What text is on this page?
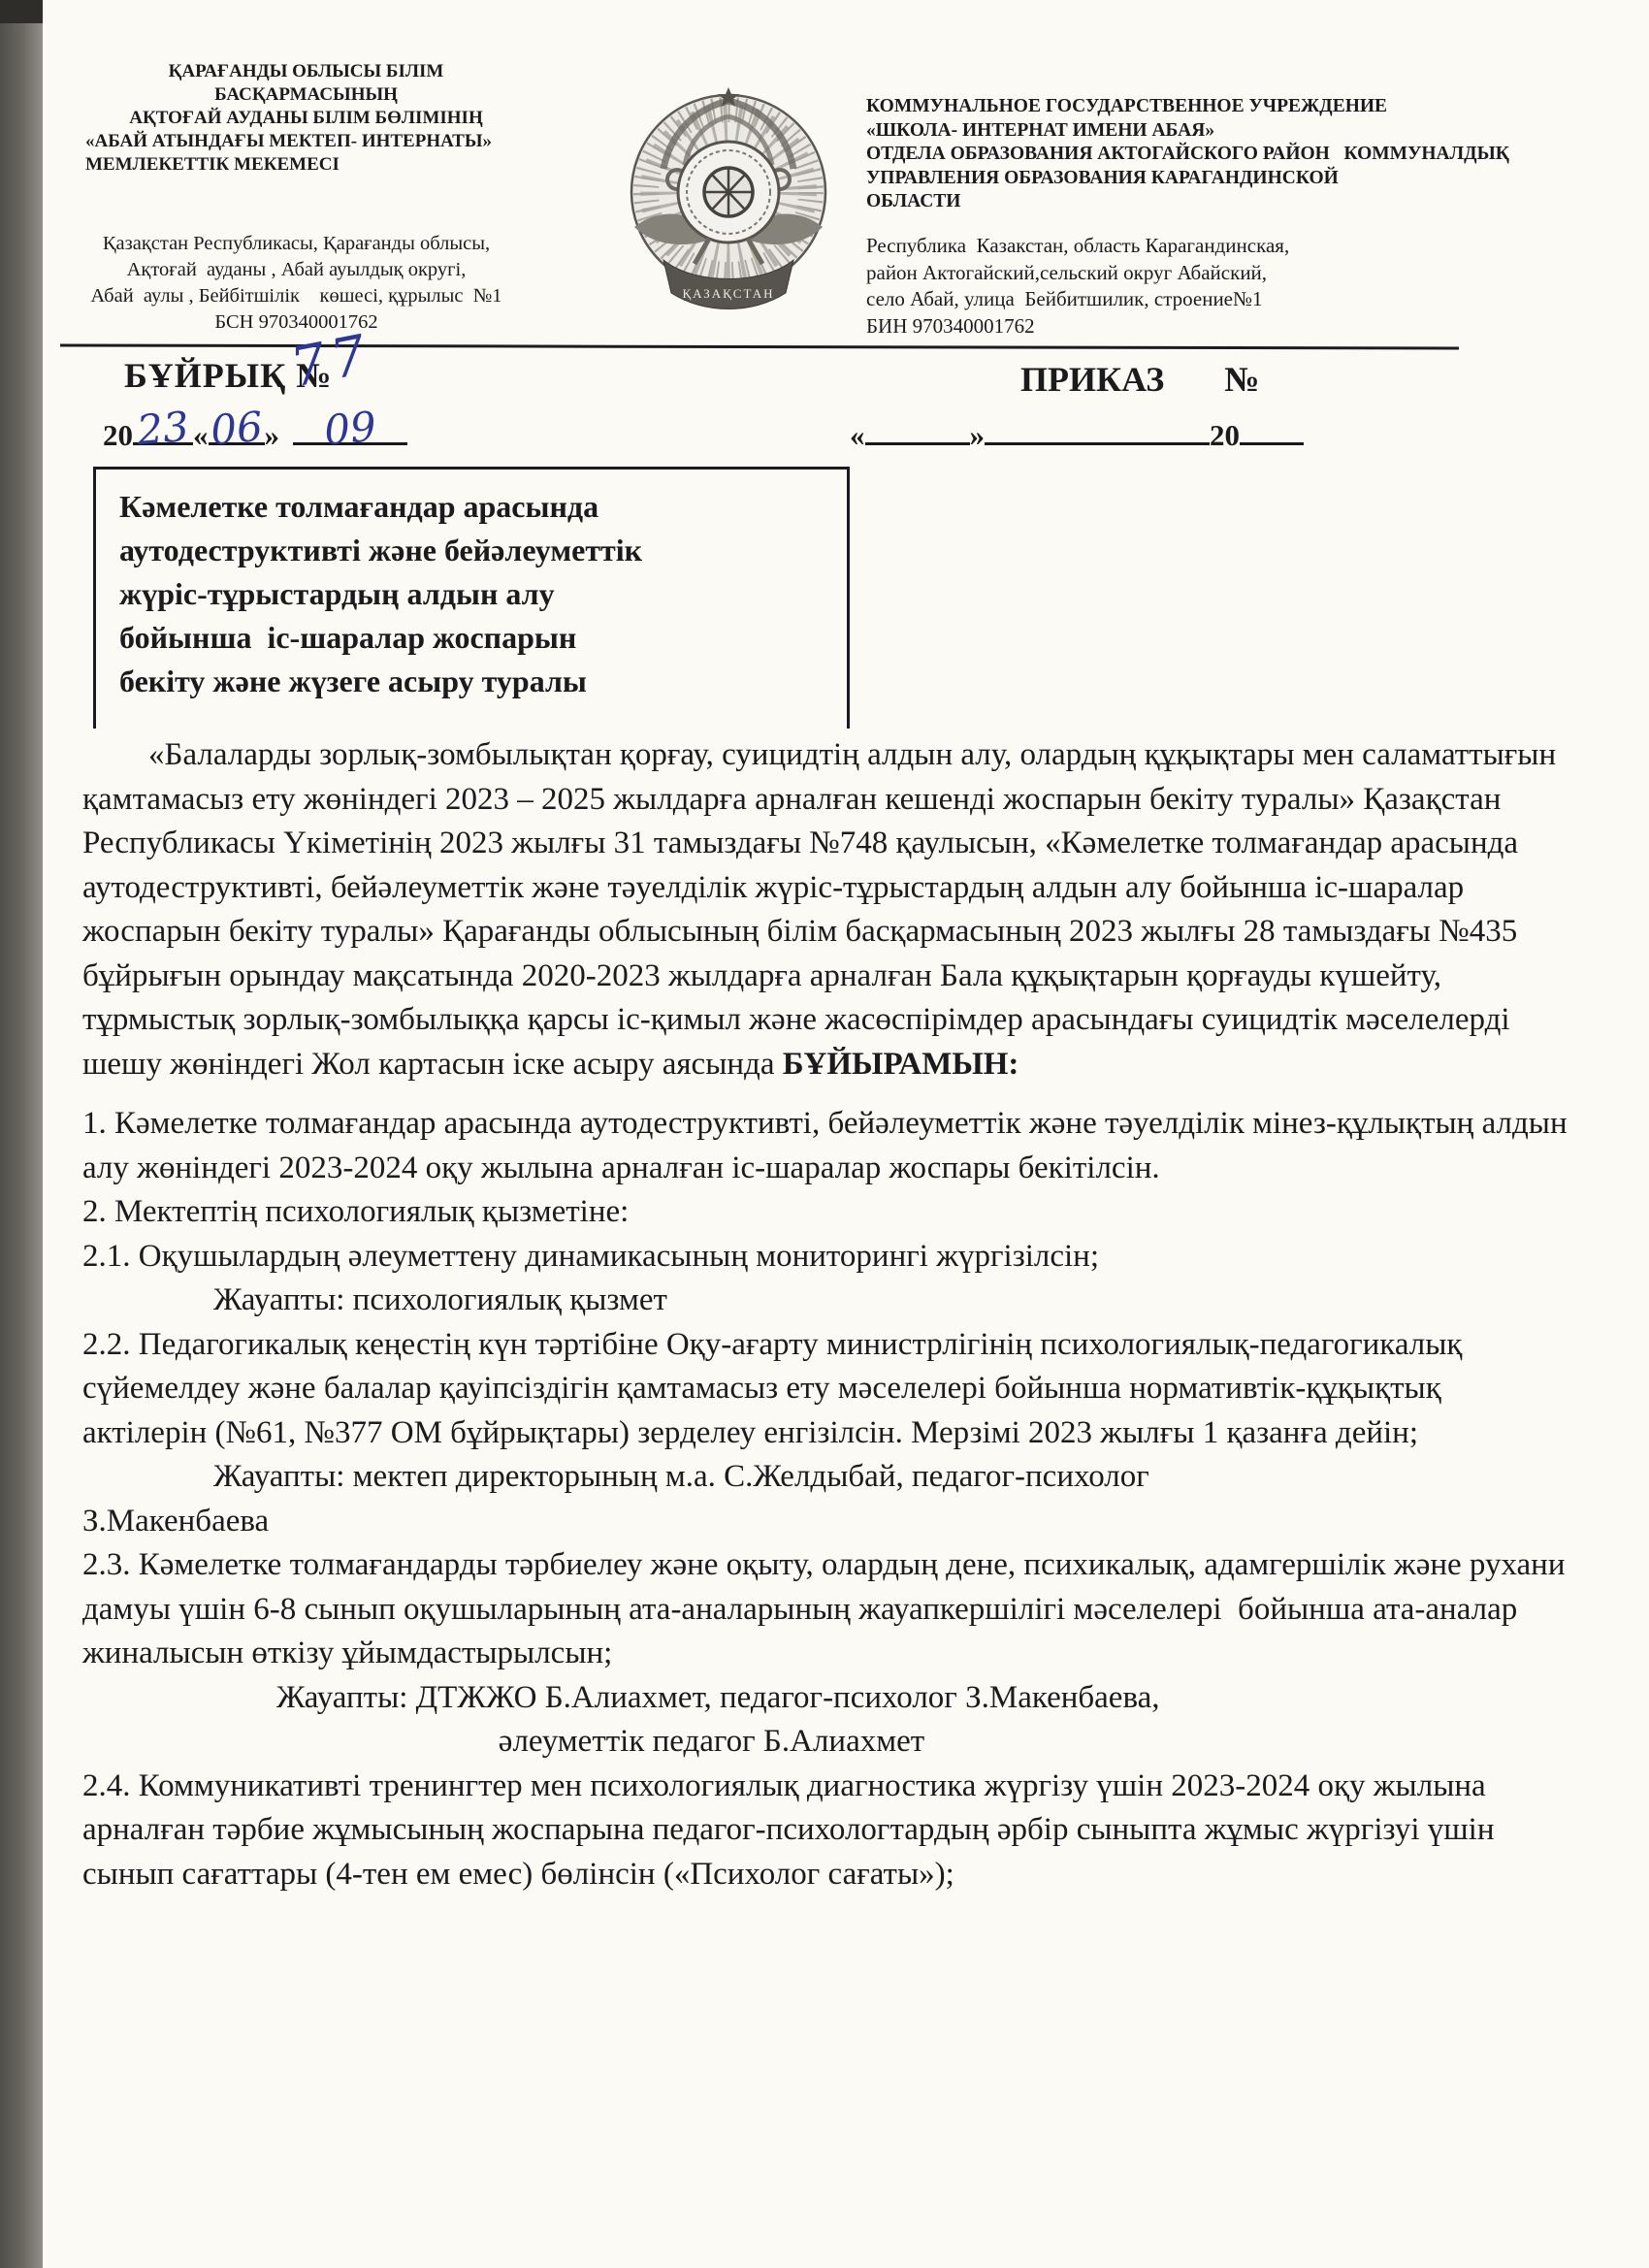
ҚАРАҒАНДЫ ОБЛЫСЫ БІЛІМ БАСҚАРМАСЫНЫҢ
АҚТОҒАЙ АУДАНЫ БІЛІМ БӨЛІМІНІҢ
«АБАЙ АТЫНДАҒЫ МЕКТЕП- ИНТЕРНАТЫ»
МЕМЛЕКЕТТІК МЕКЕМЕСІ
Қазақстан Республикасы, Қарағанды облысы,
Ақтоғай  ауданы , Абай ауылдық округі,
Абай  аулы , Бейбітшілік    көшесі, құрылыс  №1
БСН 970340001762
ҚАЗАҚСТАН
КОММУНАЛЬНОЕ ГОСУДАРСТВЕННОЕ УЧРЕЖДЕНИЕ
«ШКОЛА- ИНТЕРНАТ ИМЕНИ АБАЯ»
ОТДЕЛА ОБРАЗОВАНИЯ АКТОГАЙСКОГО РАЙОН   КОММУНАЛДЫҚ
УПРАВЛЕНИЯ ОБРАЗОВАНИЯ КАРАГАНДИНСКОЙ
ОБЛАСТИ
Республика  Казакстан, область Карагандинская,
район Актогайский,сельский округ Абайский,
село Абай, улица  Бейбитшилик, строение№1
БИН 970340001762
БҰЙРЫҚ №
77
20 23 « 06 » 09
ПРИКАЗ №
«	»	20
Кәмелетке толмағандар арасында
аутодеструктивті және бейәлеуметтік
жүріс-тұрыстардың алдын алу
бойынша  іс-шаралар жоспарын
бекіту және жүзеге асыру туралы

«Балаларды зорлық-зомбылықтан қорғау, суицидтің алдын алу, олардың құқықтары мен саламаттығын қамтамасыз ету жөніндегі 2023 – 2025 жылдарға арналған кешенді жоспарын бекіту туралы» Қазақстан Республикасы Үкіметінің 2023 жылғы 31 тамыздағы №748 қаулысын, «Кәмелетке толмағандар арасында аутодеструктивті, бейәлеуметтік және тәуелділік жүріс-тұрыстардың алдын алу бойынша іс-шаралар жоспарын бекіту туралы» Қарағанды облысының білім басқармасының 2023 жылғы 28 тамыздағы №435 бұйрығын орындау мақсатында 2020-2023 жылдарға арналған Бала құқықтарын қорғауды күшейту, тұрмыстық зорлық-зомбылыққа қарсы іс-қимыл және жасөспірімдер арасындағы суицидтік мәселелерді шешу жөніндегі Жол картасын іске асыру аясында БҰЙЫРАМЫН:

1. Кәмелетке толмағандар арасында аутодеструктивті, бейәлеуметтік және тәуелділік мінез-құлықтың алдын алу жөніндегі 2023-2024 оқу жылына арналған іс-шаралар жоспары бекітілсін.

2. Мектептің психологиялық қызметіне:

2.1. Оқушылардың әлеуметтену динамикасының мониторингі жүргізілсін;

Жауапты: психологиялық қызмет

2.2. Педагогикалық кеңестің күн тәртібіне Оқу-ағарту министрлігінің психологиялық-педагогикалық сүйемелдеу және балалар қауіпсіздігін қамтамасыз ету мәселелері бойынша нормативтік-құқықтық актілерін (№61, №377 ОМ бұйрықтары) зерделеу енгізілсін. Мерзімі 2023 жылғы 1 қазанға дейін;

Жауапты: мектеп директорының м.а. С.Желдыбай, педагог-психолог

З.Макенбаева

2.3. Кәмелетке толмағандарды тәрбиелеу және оқыту, олардың дене, психикалық, адамгершілік және рухани дамуы үшін 6-8 сынып оқушыларының ата-аналарының жауапкершілігі мәселелері  бойынша ата-аналар жиналысын өткізу ұйымдастырылсын;

Жауапты: ДТЖЖО Б.Алиахмет, педагог-психолог З.Макенбаева,

әлеуметтік педагог Б.Алиахмет

2.4. Коммуникативті тренингтер мен психологиялық диагностика жүргізу үшін 2023-2024 оқу жылына арналған тәрбие жұмысының жоспарына педагог-психологтардың әрбір сыныпта жұмыс жүргізуі үшін сынып сағаттары (4-тен ем емес) бөлінсін («Психолог сағаты»);
